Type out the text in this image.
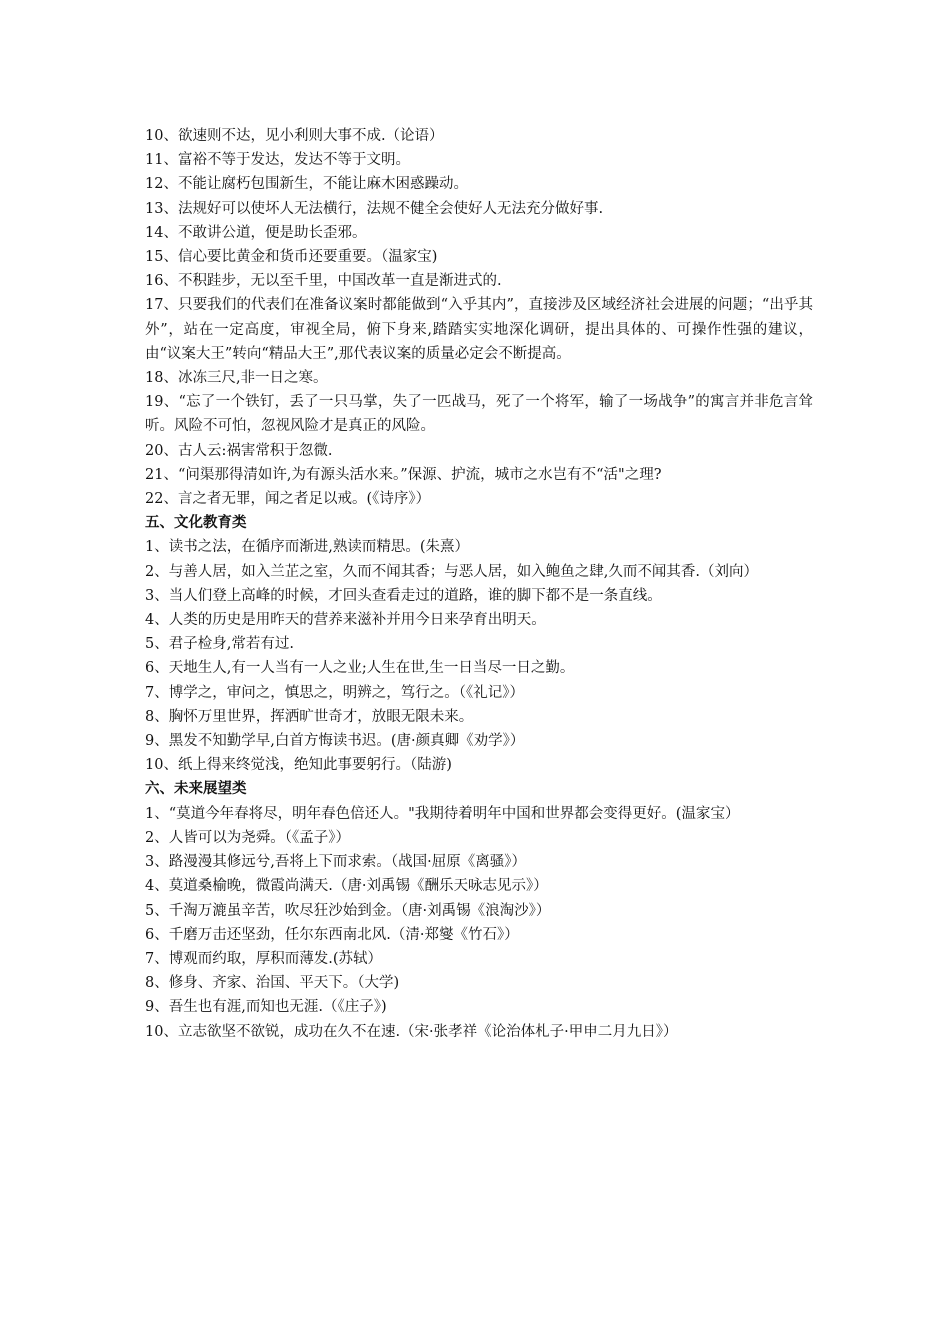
10、欲速则不达，见小利则大事不成.（论语）

11、富裕不等于发达，发达不等于文明。

12、不能让腐朽包围新生，不能让麻木困惑躁动。

13、法规好可以使坏人无法横行，法规不健全会使好人无法充分做好事.

14、不敢讲公道，便是助长歪邪。

15、信心要比黄金和货币还要重要。（温家宝)

16、不积跬步，无以至千里，中国改革一直是渐进式的.

17、只要我们的代表们在准备议案时都能做到“入乎其内”，直接涉及区域经济社会进展的问题；“出乎其外”，站在一定高度，审视全局，俯下身来,踏踏实实地深化调研，提出具体的、可操作性强的建议，由“议案大王”转向“精品大王”,那代表议案的质量必定会不断提高。

18、冰冻三尺,非一日之寒。

19、“忘了一个铁钉，丢了一只马掌，失了一匹战马，死了一个将军，输了一场战争”的寓言并非危言耸听。风险不可怕，忽视风险才是真正的风险。

20、古人云:祸害常积于忽微.

21、“问渠那得清如许,为有源头活水来。”保源、护流，城市之水岂有不“活"之理?

22、言之者无罪，闻之者足以戒。(《诗序》）

五、文化教育类

1、读书之法，在循序而渐进,熟读而精思。(朱熹）

2、与善人居，如入兰芷之室，久而不闻其香；与恶人居，如入鲍鱼之肆,久而不闻其香.（刘向）

3、当人们登上高峰的时候，才回头查看走过的道路，谁的脚下都不是一条直线。

4、人类的历史是用昨天的营养来滋补并用今日来孕育出明天。

5、君子检身,常若有过.

6、天地生人,有一人当有一人之业;人生在世,生一日当尽一日之勤。

7、博学之，审问之，慎思之，明辨之，笃行之。（《礼记》）

8、胸怀万里世界，挥洒旷世奇才，放眼无限未来。

9、黑发不知勤学早,白首方悔读书迟。(唐·颜真卿《劝学》）

10、纸上得来终觉浅，绝知此事要躬行。（陆游)

六、未来展望类

1、“莫道今年春将尽，明年春色倍还人。"我期待着明年中国和世界都会变得更好。(温家宝）

2、人皆可以为尧舜。（《孟子》）

3、路漫漫其修远兮,吾将上下而求索。（战国·屈原《离骚》）

4、莫道桑榆晚，微霞尚满天.（唐·刘禹锡《酬乐天咏志见示》）

5、千淘万漉虽辛苦，吹尽狂沙始到金。（唐·刘禹锡《浪淘沙》）

6、千磨万击还坚劲，任尔东西南北风.（清·郑燮《竹石》）

7、博观而约取，厚积而薄发.(苏轼）

8、修身、齐家、治国、平天下。（大学)

9、吾生也有涯,而知也无涯.（《庄子》)

10、立志欲坚不欲锐，成功在久不在速.（宋·张孝祥《论治体札子·甲申二月九日》）
